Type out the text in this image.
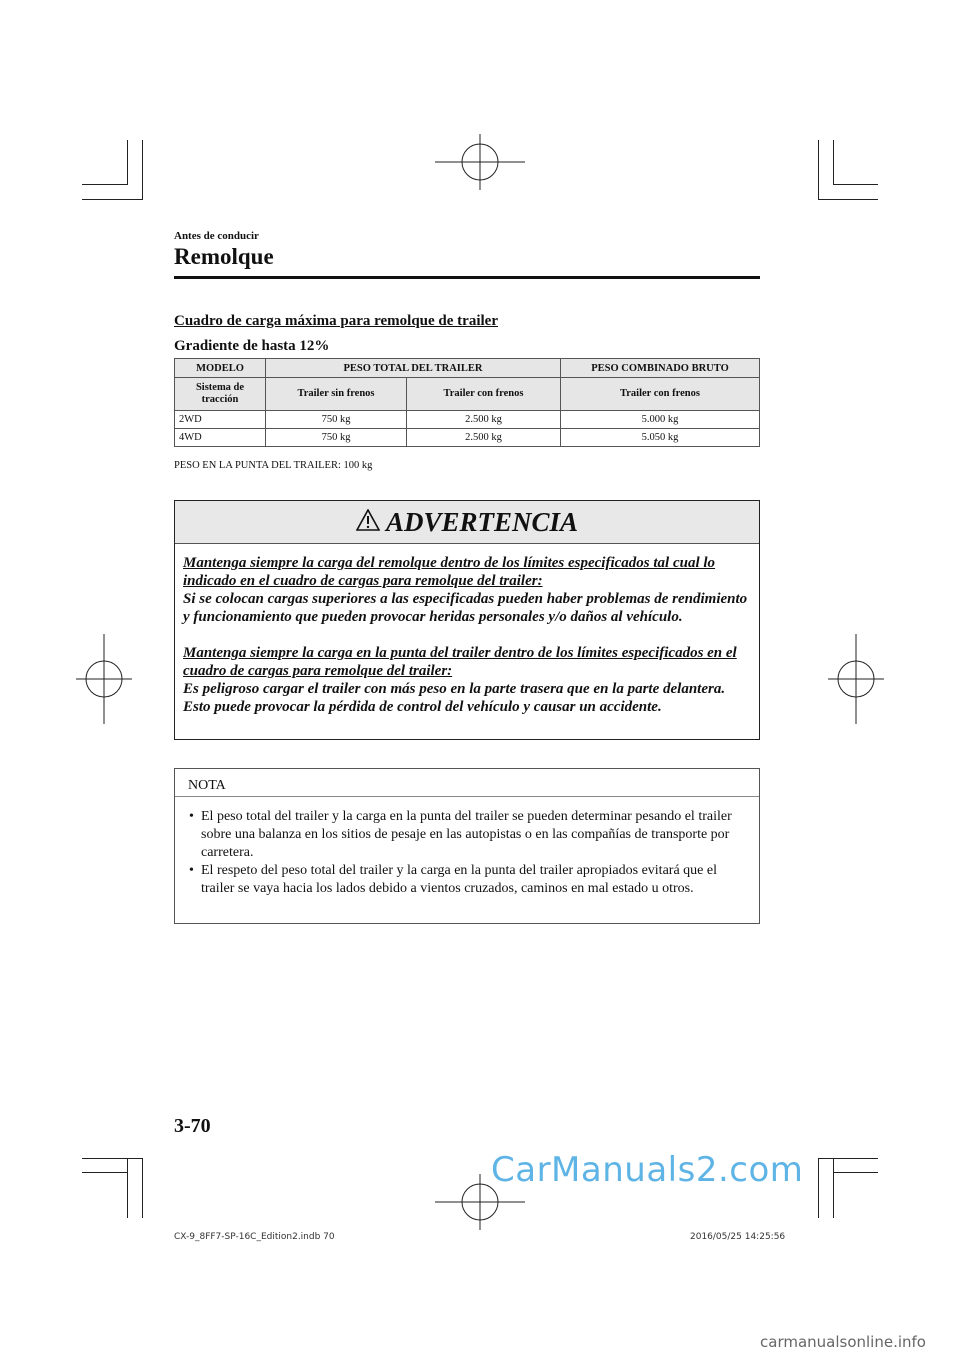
Antes de conducir
Remolque
Cuadro de carga máxima para remolque de trailer
Gradiente de hasta 12%
MODELO	PESO TOTAL DEL TRAILER		PESO COMBINADO BRUTO
Sistema de tracción	Trailer sin frenos	Trailer con frenos	Trailer con frenos
2WD	750 kg	2.500 kg	5.000 kg
4WD	750 kg	2.500 kg	5.050 kg
PESO EN LA PUNTA DEL TRAILER: 100 kg
ADVERTENCIA
Mantenga siempre la carga del remolque dentro de los límites especificados tal cual lo indicado en el cuadro de cargas para remolque del trailer:
Si se colocan cargas superiores a las especificadas pueden haber problemas de rendimiento y funcionamiento que pueden provocar heridas personales y/o daños al vehículo.
Mantenga siempre la carga en la punta del trailer dentro de los límites especificados en el cuadro de cargas para remolque del trailer:
Es peligroso cargar el trailer con más peso en la parte trasera que en la parte delantera. Esto puede provocar la pérdida de control del vehículo y causar un accidente.
NOTA
• El peso total del trailer y la carga en la punta del trailer se pueden determinar pesando el trailer sobre una balanza en los sitios de pesaje en las autopistas o en las compañías de transporte por carretera.
• El respeto del peso total del trailer y la carga en la punta del trailer apropiados evitará que el trailer se vaya hacia los lados debido a vientos cruzados, caminos en mal estado u otros.
3-70
CarManuals2.com
CX-9_8FF7-SP-16C_Edition2.indb 70	2016/05/25 14:25:56
carmanualsonline.info
